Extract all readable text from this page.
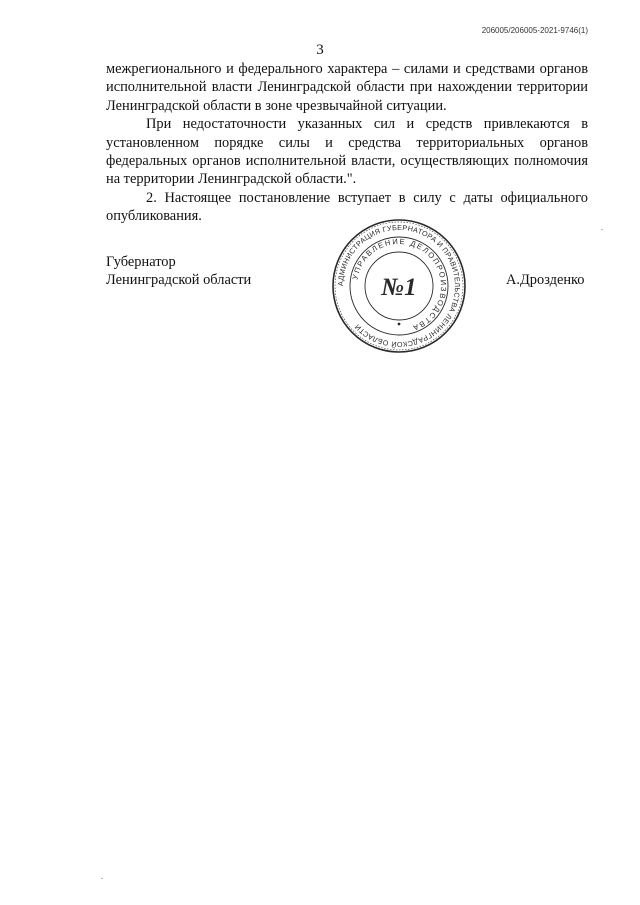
206005/206005-2021-9746(1)
3

межрегионального и федерального характера – силами и средствами органов исполнительной власти Ленинградской области при нахождении территории Ленинградской области в зоне чрезвычайной ситуации.

При недостаточности указанных сил и средств привлекаются в установленном порядке силы и средства территориальных органов федеральных органов исполнительной власти, осуществляющих полномочия на территории Ленинградской области.".

2. Настоящее постановление вступает в силу с даты официального опубликования.

Губернатор
Ленинградской области	АДМИНИСТРАЦИЯ ГУБЕРНАТОРА И ПРАВИТЕЛЬСТВА ЛЕНИНГРАДСКОЙ ОБЛАСТИ
УПРАВЛЕНИЕ ДЕЛОПРОИЗВОДСТВА
№1	А.Дрозденко
